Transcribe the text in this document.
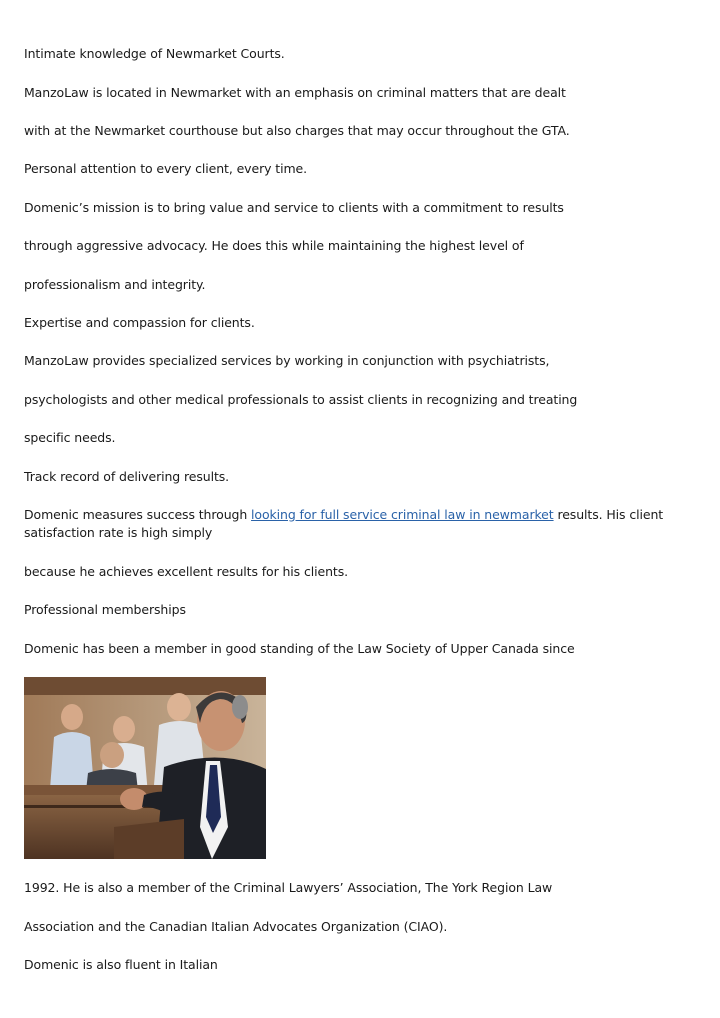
Intimate knowledge of Newmarket Courts.
ManzoLaw is located in Newmarket with an emphasis on criminal matters that are dealt
with at the Newmarket courthouse but also charges that may occur throughout the GTA.
Personal attention to every client, every time.
Domenic’s mission is to bring value and service to clients with a commitment to results
through aggressive advocacy. He does this while maintaining the highest level of
professionalism and integrity.
Expertise and compassion for clients.
ManzoLaw provides specialized services by working in conjunction with psychiatrists,
psychologists and other medical professionals to assist clients in recognizing and treating
specific needs.
Track record of delivering results.
Domenic measures success through looking for full service criminal law in newmarket results. His client satisfaction rate is high simply
because he achieves excellent results for his clients.
Professional memberships
Domenic has been a member in good standing of the Law Society of Upper Canada since
1992. He is also a member of the Criminal Lawyers’ Association, The York Region Law
Association and the Canadian Italian Advocates Organization (CIAO).
Domenic is also fluent in Italian
